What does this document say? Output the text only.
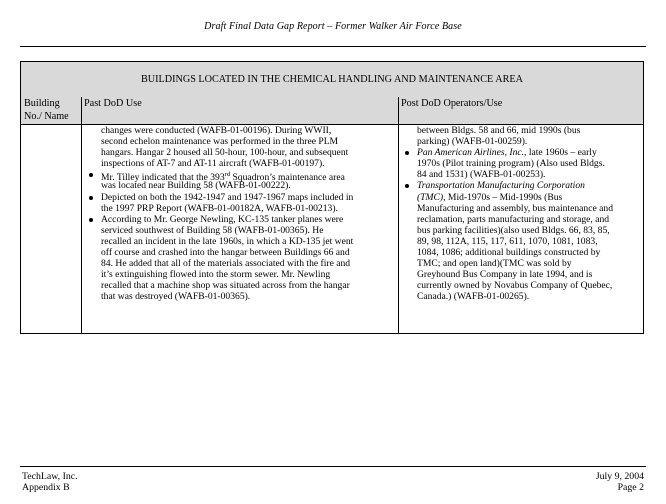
Draft Final Data Gap Report – Former Walker Air Force Base
BUILDINGS LOCATED IN THE CHEMICAL HANDLING AND MAINTENANCE AREA
Building No./ Name
Past DoD Use	Post DoD Operators/Use
changes were conducted (WAFB-01-00196). During WWII,
second echelon maintenance was performed in the three PLM
hangars. Hangar 2 housed all 50-hour, 100-hour, and subsequent
inspections of AT-7 and AT-11 aircraft (WAFB-01-00197).
Mr. Tilley indicated that the 393rd Squadron’s maintenance area
was located near Building 58 (WAFB-01-00222).
Depicted on both the 1942-1947 and 1947-1967 maps included in
the 1997 PRP Report (WAFB-01-00182A, WAFB-01-00213).
According to Mr. George Newling, KC-135 tanker planes were
serviced southwest of Building 58 (WAFB-01-00365). He
recalled an incident in the late 1960s, in which a KD-135 jet went
off course and crashed into the hangar between Buildings 66 and
84. He added that all of the materials associated with the fire and
it’s extinguishing flowed into the storm sewer. Mr. Newling
recalled that a machine shop was situated across from the hangar
that was destroyed (WAFB-01-00365).
between Bldgs. 58 and 66, mid 1990s (bus
parking) (WAFB-01-00259).
Pan American Airlines, Inc., late 1960s – early
1970s (Pilot training program) (Also used Bldgs.
84 and 1531) (WAFB-01-00253).
Transportation Manufacturing Corporation
(TMC), Mid-1970s – Mid-1990s (Bus
Manufacturing and assembly, bus maintenance and
reclamation, parts manufacturing and storage, and
bus parking facilities)(also used Bldgs. 66, 83, 85,
89, 98, 112A, 115, 117, 611, 1070, 1081, 1083,
1084, 1086; additional buildings constructed by
TMC; and open land)(TMC was sold by
Greyhound Bus Company in late 1994, and is
currently owned by Novabus Company of Quebec,
Canada.) (WAFB-01-00265).
TechLaw, Inc.
Appendix B
July 9, 2004
Page 2
